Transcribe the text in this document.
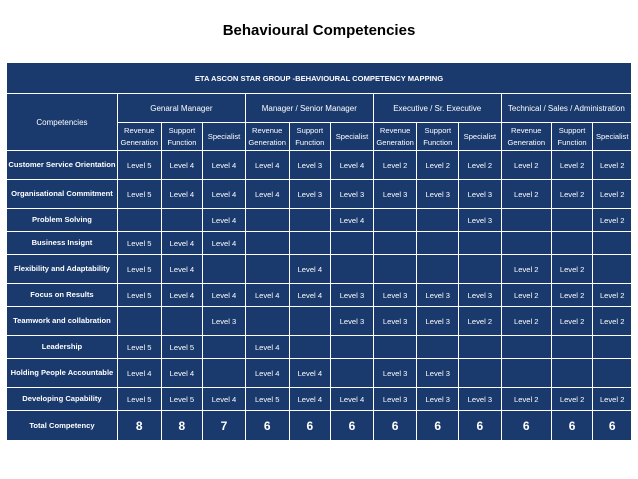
Behavioural Competencies
ETA ASCON STAR GROUP -BEHAVIOURAL COMPETENCY MAPPING												
Competencies	Genaral Manager			Manager / Senior Manager			Executive / Sr. Executive			Technical / Sales / Administration		
	Revenue Generation	Support Function	Specialist	Revenue Generation	Support Function	Specialist	Revenue Generation	Support Function	Specialist	Revenue Generation	Support Function	Specialist
Customer Service Orientation	Level 5	Level 4	Level 4	Level 4	Level 3	Level 4	Level 2	Level 2	Level 2	Level 2	Level 2	Level 2
Organisational Commitment	Level 5	Level 4	Level 4	Level 4	Level 3	Level 3	Level 3	Level 3	Level 3	Level 2	Level 2	Level 2
Problem Solving			Level 4			Level 4			Level 3			Level 2
Business Insignt	Level 5	Level 4	Level 4									
Flexibility and Adaptability	Level 5	Level 4			Level 4					Level 2	Level 2	
Focus on Results	Level 5	Level 4	Level 4	Level 4	Level 4	Level 3	Level 3	Level 3	Level 3	Level 2	Level 2	Level 2
Teamwork and collabration			Level 3			Level 3	Level 3	Level 3	Level 2	Level 2	Level 2	Level 2
Leadership	Level 5	Level 5		Level 4								
Holding People Accountable	Level 4	Level 4		Level 4	Level 4		Level 3	Level 3				
Developing Capability	Level 5	Level 5	Level 4	Level 5	Level 4	Level 4	Level 3	Level 3	Level 3	Level 2	Level 2	Level 2
Total Competency	8	8	7	6	6	6	6	6	6	6	6	6
